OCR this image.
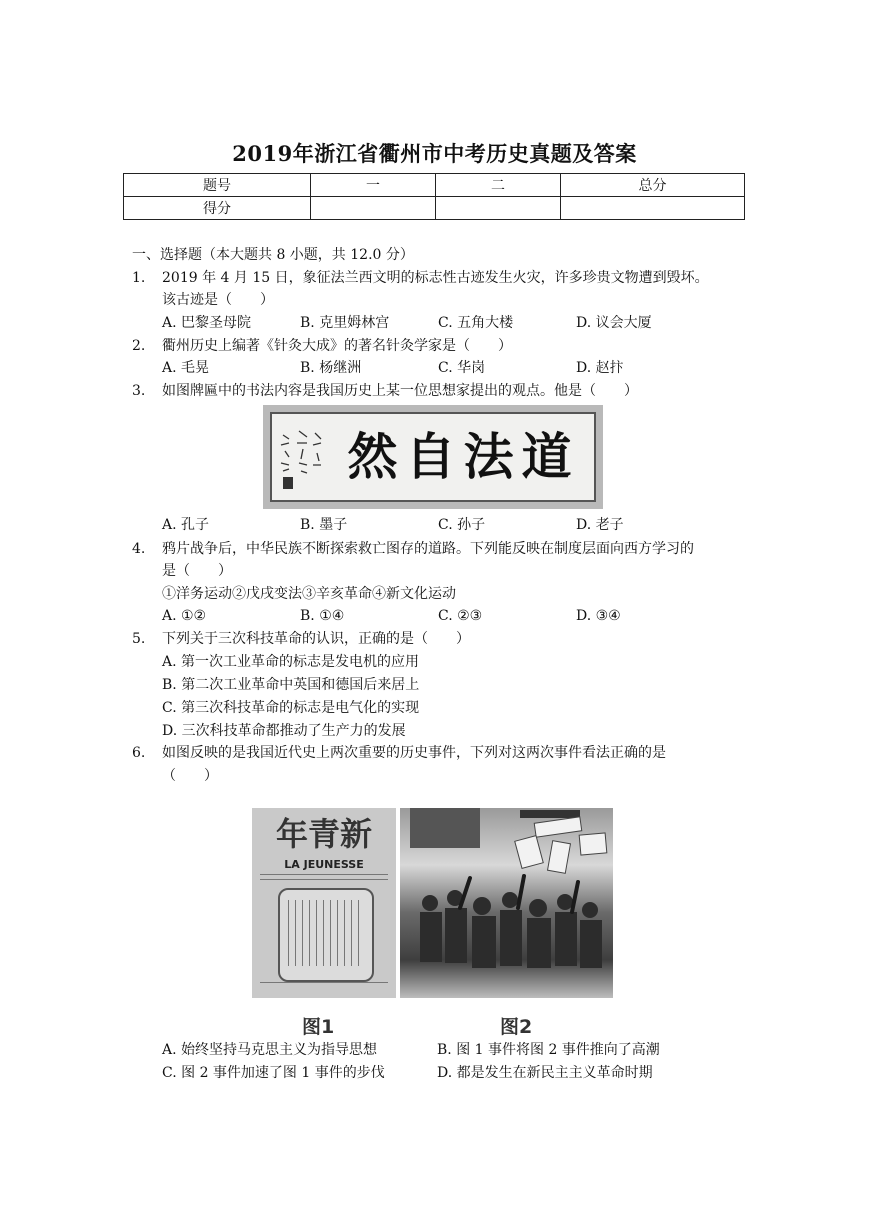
2019年浙江省衢州市中考历史真题及答案
题号	一	二	总分
得分			
一、选择题（本大题共 8 小题，共 12.0 分）
1. 2019 年 4 月 15 日，象征法兰西文明的标志性古迹发生火灾，许多珍贵文物遭到毁坏。
该古迹是（　　）
A. 巴黎圣母院	B. 克里姆林宫	C. 五角大楼	D. 议会大厦
2. 衢州历史上编著《针灸大成》的著名针灸学家是（　　）
A. 毛晃	B. 杨继洲	C. 华岗	D. 赵抃
3. 如图牌匾中的书法内容是我国历史上某一位思想家提出的观点。他是（　　）
道法自然
A. 孔子	B. 墨子	C. 孙子	D. 老子
4. 鸦片战争后，中华民族不断探索救亡图存的道路。下列能反映在制度层面向西方学习的
是（　　）
①洋务运动②戊戌变法③辛亥革命④新文化运动
A. ①②	B. ①④	C. ②③	D. ③④
5. 下列关于三次科技革命的认识，正确的是（　　）
A. 第一次工业革命的标志是发电机的应用
B. 第二次工业革命中英国和德国后来居上
C. 第三次科技革命的标志是电气化的实现
D. 三次科技革命都推动了生产力的发展
6. 如图反映的是我国近代史上两次重要的历史事件，下列对这两次事件看法正确的是
（　　）
新青年
LA JEUNESSE
图1	图2
A. 始终坚持马克思主义为指导思想	B. 图 1 事件将图 2 事件推向了高潮
C. 图 2 事件加速了图 1 事件的步伐	D. 都是发生在新民主主义革命时期
